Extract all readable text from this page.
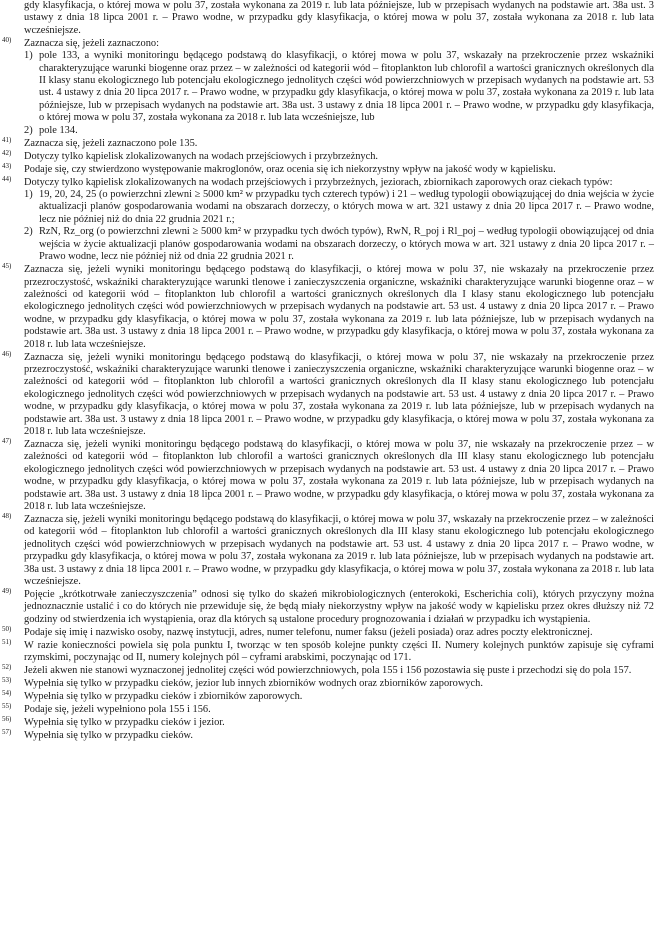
gdy klasyfikacja, o której mowa w polu 37, została wykonana za 2019 r. lub lata późniejsze, lub w przepisach wydanych na podstawie art. 38a ust. 3 ustawy z dnia 18 lipca 2001 r. – Prawo wodne, w przypadku gdy klasyfikacja, o której mowa w polu 37, została wykonana za 2018 r. lub lata wcześniejsze.
40)	Zaznacza się, jeżeli zaznaczono:

1) pole 133, a wyniki monitoringu będącego podstawą do klasyfikacji, o której mowa w polu 37, wskazały na przekroczenie przez wskaźniki charakteryzujące warunki biogenne oraz przez – w zależności od kategorii wód – fitoplankton lub chlorofil a wartości granicznych określonych dla II klasy stanu ekologicznego lub potencjału ekologicznego jednolitych części wód powierzchniowych w przepisach wydanych na podstawie art. 53 ust. 4 ustawy z dnia 20 lipca 2017 r. – Prawo wodne, w przypadku gdy klasyfikacja, o której mowa w polu 37, została wykonana za 2019 r. lub lata późniejsze, lub w przepisach wydanych na podstawie art. 38a ust. 3 ustawy z dnia 18 lipca 2001 r. – Prawo wodne, w przypadku gdy klasyfikacja, o której mowa w polu 37, została wykonana za 2018 r. lub lata wcześniejsze, lub
2) pole 134.
41)	Zaznacza się, jeżeli zaznaczono pole 135.

42)	Dotyczy tylko kąpielisk zlokalizowanych na wodach przejściowych i przybrzeżnych.

43)	Podaje się, czy stwierdzono występowanie makroglonów, oraz ocenia się ich niekorzystny wpływ na jakość wody w kąpielisku.

44)	Dotyczy tylko kąpielisk zlokalizowanych na wodach przejściowych i przybrzeżnych, jeziorach, zbiornikach zaporowych oraz ciekach typów:

1) 19, 20, 24, 25 (o powierzchni zlewni ≥ 5000 km² w przypadku tych czterech typów) i 21 – według typologii obowiązującej do dnia wejścia w życie aktualizacji planów gospodarowania wodami na obszarach dorzeczy, o których mowa w art. 321 ustawy z dnia 20 lipca 2017 r. – Prawo wodne, lecz nie później niż do dnia 22 grudnia 2021 r.;
2) RzN, Rz_org (o powierzchni zlewni ≥ 5000 km² w przypadku tych dwóch typów), RwN, R_poj i Rl_poj – według typologii obowiązującej od dnia wejścia w życie aktualizacji planów gospodarowania wodami na obszarach dorzeczy, o których mowa w art. 321 ustawy z dnia 20 lipca 2017 r. – Prawo wodne, lecz nie później niż od dnia 22 grudnia 2021 r.
45)	Zaznacza się, jeżeli wyniki monitoringu będącego podstawą do klasyfikacji, o której mowa w polu 37, nie wskazały na przekroczenie przez przezroczystość, wskaźniki charakteryzujące warunki tlenowe i zanieczyszczenia organiczne, wskaźniki charakteryzujące warunki biogenne oraz – w zależności od kategorii wód – fitoplankton lub chlorofil a wartości granicznych określonych dla I klasy stanu ekologicznego lub potencjału ekologicznego jednolitych części wód powierzchniowych w przepisach wydanych na podstawie art. 53 ust. 4 ustawy z dnia 20 lipca 2017 r. – Prawo wodne, w przypadku gdy klasyfikacja, o której mowa w polu 37, została wykonana za 2019 r. lub lata późniejsze, lub w przepisach wydanych na podstawie art. 38a ust. 3 ustawy z dnia 18 lipca 2001 r. – Prawo wodne, w przypadku gdy klasyfikacja, o której mowa w polu 37, została wykonana za 2018 r. lub lata wcześniejsze.

46)	Zaznacza się, jeżeli wyniki monitoringu będącego podstawą do klasyfikacji, o której mowa w polu 37, nie wskazały na przekroczenie przez przezroczystość, wskaźniki charakteryzujące warunki tlenowe i zanieczyszczenia organiczne, wskaźniki charakteryzujące warunki biogenne oraz – w zależności od kategorii wód – fitoplankton lub chlorofil a wartości granicznych określonych dla II klasy stanu ekologicznego lub potencjału ekologicznego jednolitych części wód powierzchniowych w przepisach wydanych na podstawie art. 53 ust. 4 ustawy z dnia 20 lipca 2017 r. – Prawo wodne, w przypadku gdy klasyfikacja, o której mowa w polu 37, została wykonana za 2019 r. lub lata późniejsze, lub w przepisach wydanych na podstawie art. 38a ust. 3 ustawy z dnia 18 lipca 2001 r. – Prawo wodne, w przypadku gdy klasyfikacja, o której mowa w polu 37, została wykonana za 2018 r. lub lata wcześniejsze.

47)	Zaznacza się, jeżeli wyniki monitoringu będącego podstawą do klasyfikacji, o której mowa w polu 37, nie wskazały na przekroczenie przez – w zależności od kategorii wód – fitoplankton lub chlorofil a wartości granicznych określonych dla III klasy stanu ekologicznego lub potencjału ekologicznego jednolitych części wód powierzchniowych w przepisach wydanych na podstawie art. 53 ust. 4 ustawy z dnia 20 lipca 2017 r. – Prawo wodne, w przypadku gdy klasyfikacja, o której mowa w polu 37, została wykonana za 2019 r. lub lata późniejsze, lub w przepisach wydanych na podstawie art. 38a ust. 3 ustawy z dnia 18 lipca 2001 r. – Prawo wodne, w przypadku gdy klasyfikacja, o której mowa w polu 37, została wykonana za 2018 r. lub lata wcześniejsze.

48)	Zaznacza się, jeżeli wyniki monitoringu będącego podstawą do klasyfikacji, o której mowa w polu 37, wskazały na przekroczenie przez – w zależności od kategorii wód – fitoplankton lub chlorofil a wartości granicznych określonych dla III klasy stanu ekologicznego lub potencjału ekologicznego jednolitych części wód powierzchniowych w przepisach wydanych na podstawie art. 53 ust. 4 ustawy z dnia 20 lipca 2017 r. – Prawo wodne, w przypadku gdy klasyfikacja, o której mowa w polu 37, została wykonana za 2019 r. lub lata późniejsze, lub w przepisach wydanych na podstawie art. 38a ust. 3 ustawy z dnia 18 lipca 2001 r. – Prawo wodne, w przypadku gdy klasyfikacja, o której mowa w polu 37, została wykonana za 2018 r. lub lata wcześniejsze.

49)	Pojęcie „krótkotrwałe zanieczyszczenia” odnosi się tylko do skażeń mikrobiologicznych (enterokoki, Escherichia coli), których przyczyny można jednoznacznie ustalić i co do których nie przewiduje się, że będą miały niekorzystny wpływ na jakość wody w kąpielisku przez okres dłuższy niż 72 godziny od stwierdzenia ich wystąpienia, oraz dla których są ustalone procedury prognozowania i działań w przypadku ich wystąpienia.

50)	Podaje się imię i nazwisko osoby, nazwę instytucji, adres, numer telefonu, numer faksu (jeżeli posiada) oraz adres poczty elektronicznej.

51)	W razie konieczności powiela się pola punktu I, tworząc w ten sposób kolejne punkty części II. Numery kolejnych punktów zapisuje się cyframi rzymskimi, poczynając od II, numery kolejnych pól – cyframi arabskimi, poczynając od 171.

52)	Jeżeli akwen nie stanowi wyznaczonej jednolitej części wód powierzchniowych, pola 155 i 156 pozostawia się puste i przechodzi się do pola 157.

53)	Wypełnia się tylko w przypadku cieków, jezior lub innych zbiorników wodnych oraz zbiorników zaporowych.

54)	Wypełnia się tylko w przypadku cieków i zbiorników zaporowych.

55)	Podaje się, jeżeli wypełniono pola 155 i 156.

56)	Wypełnia się tylko w przypadku cieków i jezior.

57)	Wypełnia się tylko w przypadku cieków.
